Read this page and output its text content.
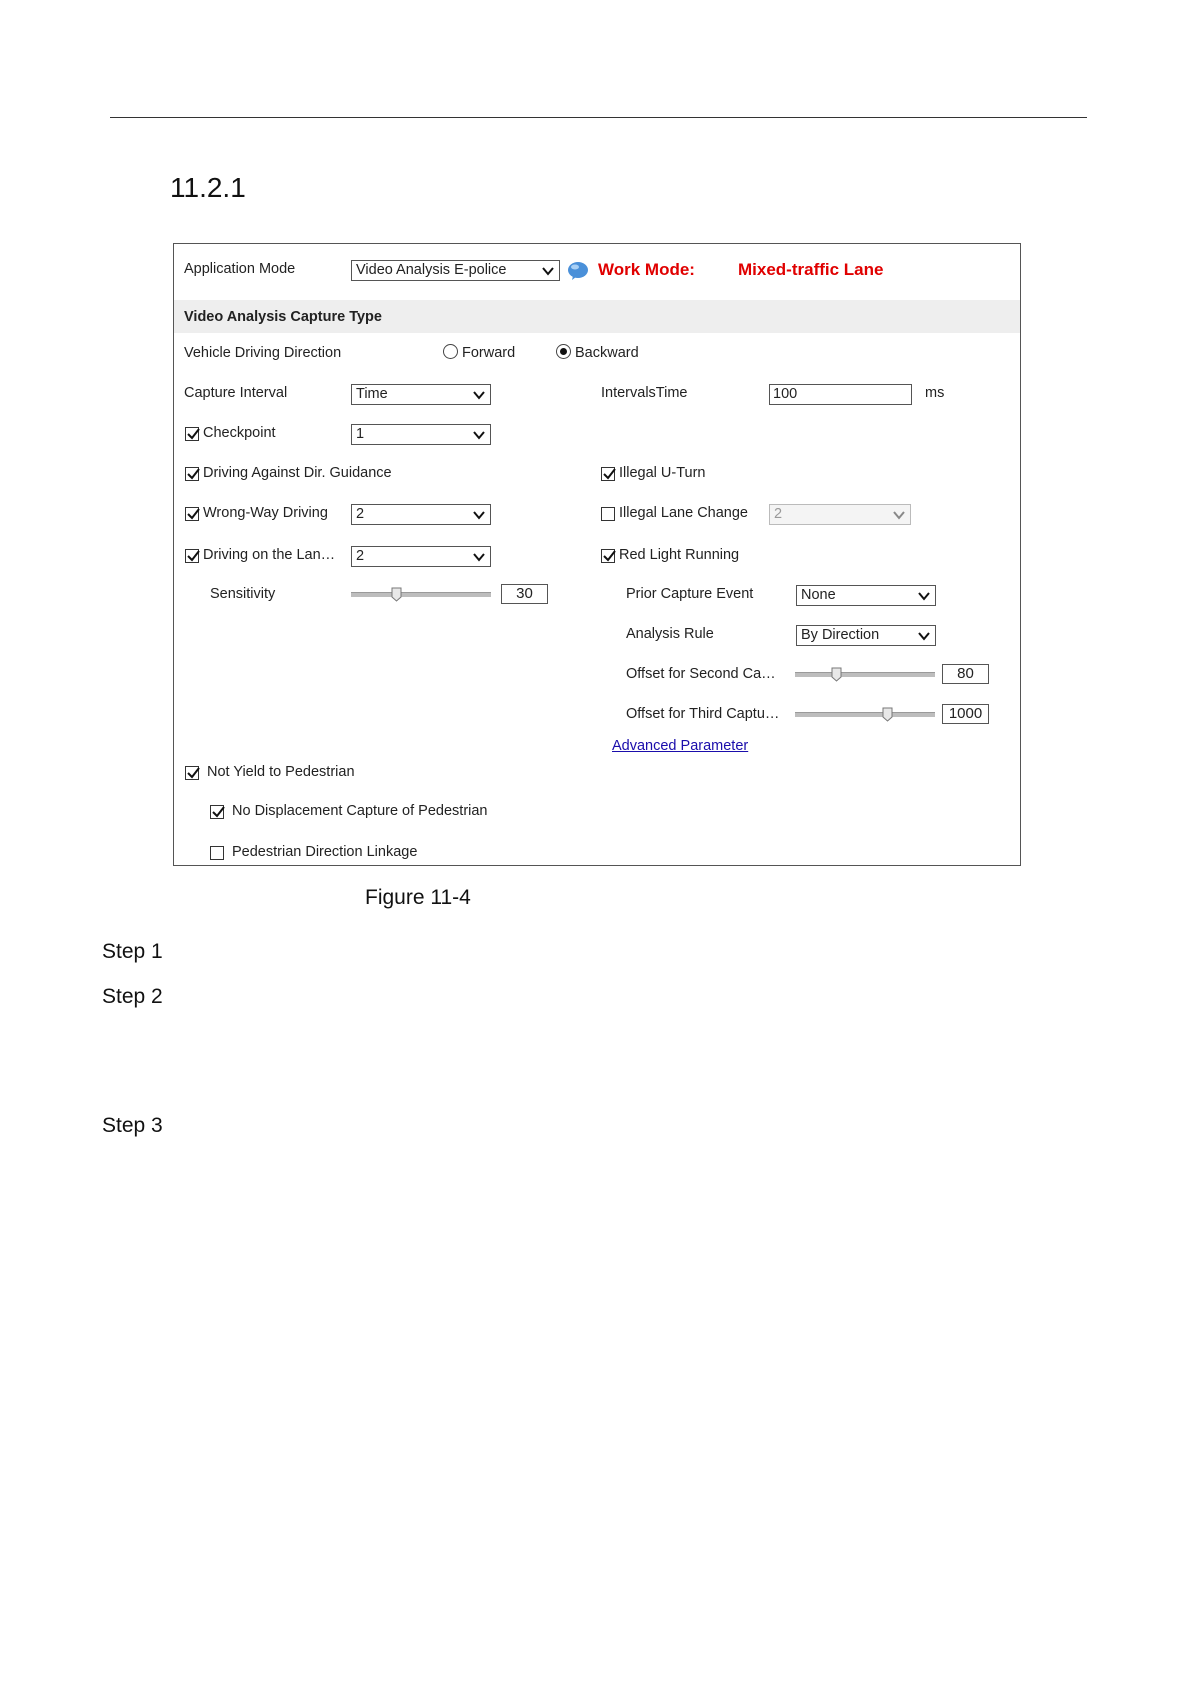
11.2.1
Application Mode	Video Analysis E-police	Work Mode:	Mixed-traffic Lane
Video Analysis Capture Type
Vehicle Driving Direction	Forward	Backward
Capture Interval	Time	IntervalsTime	100	ms
Checkpoint	1
Driving Against Dir. Guidance	Illegal U-Turn
Wrong-Way Driving 2	Illegal Lane Change 2
Driving on the Lan… 2	Red Light Running
Sensitivity	30	Prior Capture Event	None
Analysis Rule	By Direction
Offset for Second Ca…	80
Offset for Third Captu…	1000
Advanced Parameter
Not Yield to Pedestrian
No Displacement Capture of Pedestrian
Pedestrian Direction Linkage
Figure 11-4
Step 1
Step 2
Step 3
